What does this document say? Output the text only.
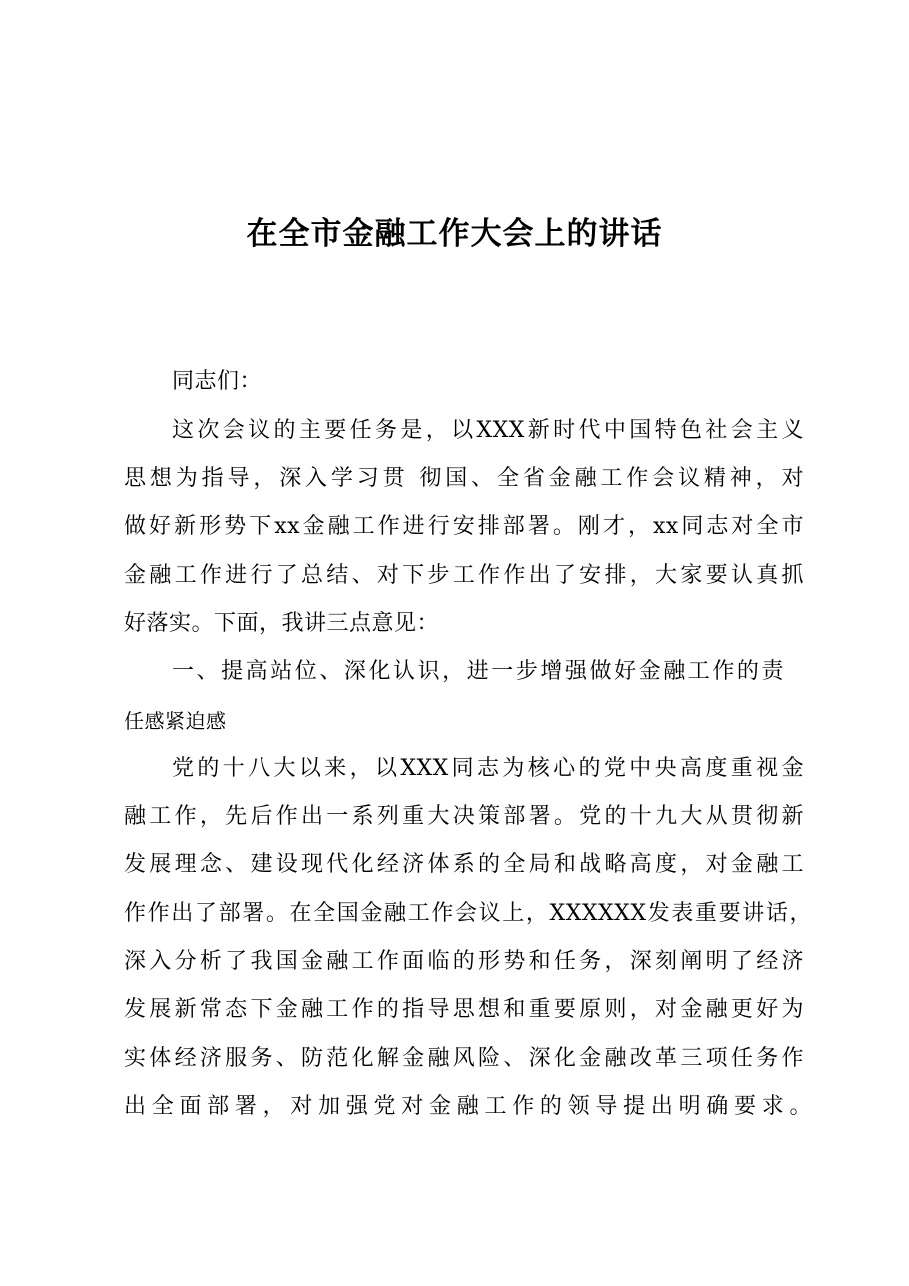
在全市金融工作大会上的讲话
同志们：
这次会议的主要任务是，以XXX新时代中国特色社会主义
思想为指导，深入学习贯 彻国、全省金融工作会议精神，对
做好新形势下xx金融工作进行安排部署。刚才，xx同志对全市
金融工作进行了总结、对下步工作作出了安排，大家要认真抓
好落实。下面，我讲三点意见：
一、提高站位、深化认识，进一步增强做好金融工作的责
任感紧迫感
党的十八大以来，以XXX同志为核心的党中央高度重视金
融工作，先后作出一系列重大决策部署。党的十九大从贯彻新
发展理念、建设现代化经济体系的全局和战略高度，对金融工
作作出了部署。在全国金融工作会议上，XXXXXX发表重要讲话，
深入分析了我国金融工作面临的形势和任务，深刻阐明了经济
发展新常态下金融工作的指导思想和重要原则，对金融更好为
实体经济服务、防范化解金融风险、深化金融改革三项任务作
出全面部署，对加强党对金融工作的领导提出明确要求。
